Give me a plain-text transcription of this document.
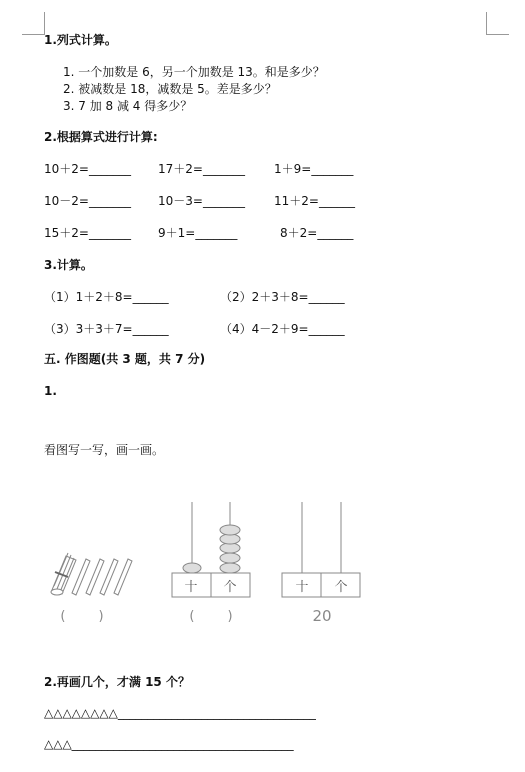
1.列式计算。
1. 一个加数是 6，另一个加数是 13。和是多少？
2. 被减数是 18，减数是 5。差是多少？
3. 7 加 8 减 4 得多少？
2.根据算式进行计算:
10＋2=_______ 17＋2=_______ 1＋9=_______
10－2=_______ 10－3=_______ 11＋2=______
15＋2=_______ 9＋1=_______	8＋2=______
3.计算。
（1）1＋2＋8=______	（2）2＋3＋8=______
（3）3＋3＋7=______	（4）4－2＋9=______
五. 作图题(共 3 题，共 7 分)
1.
看图写一写，画一画。
十 个	十 个
(        )	(        )	20
2.再画几个，才满 15 个？
△△△△△△△△_________________________________
△△△_____________________________________
